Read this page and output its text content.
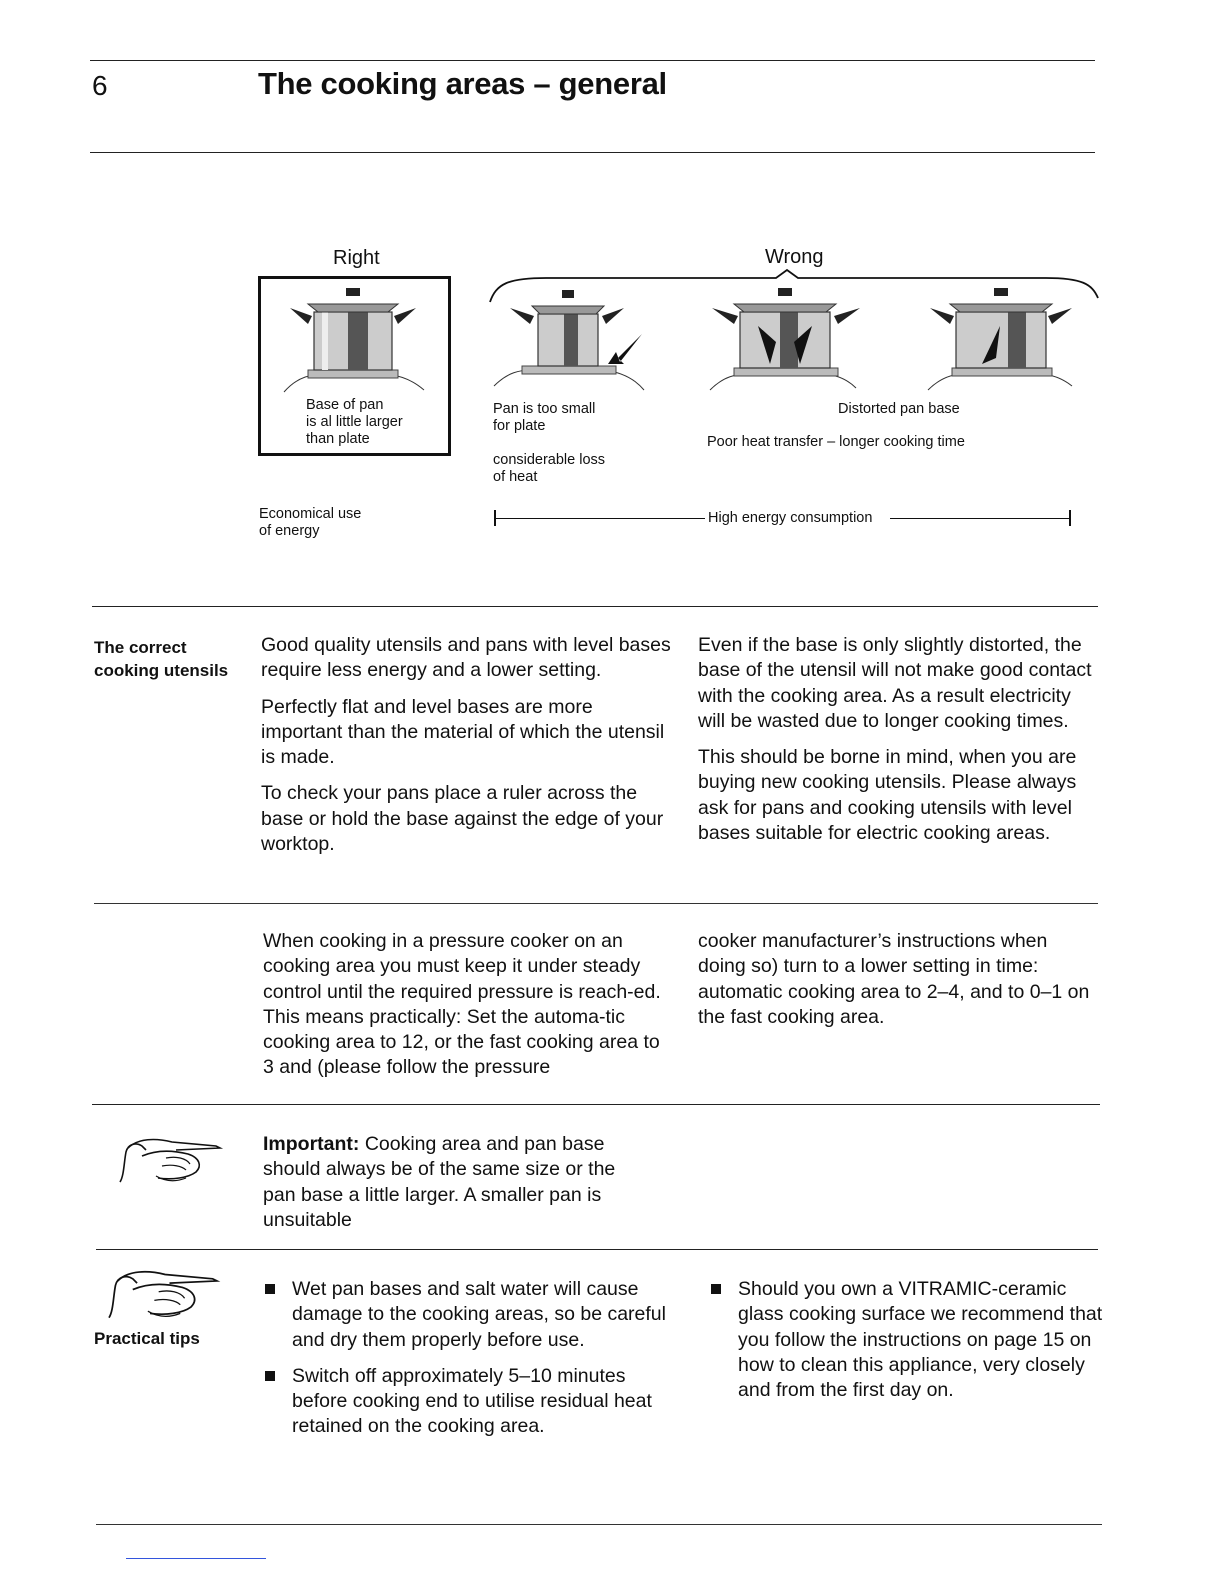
6	The cooking areas – general
Right	Wrong
Base of pan
is al little larger
than plate
Pan is too small
for plate
considerable loss
of heat
Distorted pan base
Poor heat transfer – longer cooking time
Economical use
of energy
High energy consumption
The correct
cooking utensils

Good quality utensils and pans with level bases require less energy and a lower setting.

Perfectly flat and level bases are more important than the material of which the utensil is made.

To check your pans place a ruler across the base or hold the base against the edge of your worktop.

Even if the base is only slightly distorted, the base of the utensil will not make good contact with the cooking area. As a result electricity will be wasted due to longer cooking times.

This should be borne in mind, when you are buying new cooking utensils. Please always ask for pans and cooking utensils with level bases suitable for electric cooking areas.

When cooking in a pressure cooker on an cooking area you must keep it under steady control until the required pressure is reach-ed. This means practically: Set the automa-tic cooking area to 12, or the fast cooking area to 3 and (please follow the pressure
cooker manufacturer’s instructions when doing so) turn to a lower setting in time: automatic cooking area to 2–4, and to 0–1 on the fast cooking area.
Important: Cooking area and pan base should always be of the same size or the pan base a little larger. A smaller pan is unsuitable
Practical tips
Wet pan bases and salt water will cause damage to the cooking areas, so be careful and dry them properly before use.
Switch off approximately 5–10 minutes before cooking end to utilise residual heat retained on the cooking area.
Should you own a VITRAMIC-ceramic glass cooking surface we recommend that you follow the instructions on page 15 on how to clean this appliance, very closely and from the first day on.
